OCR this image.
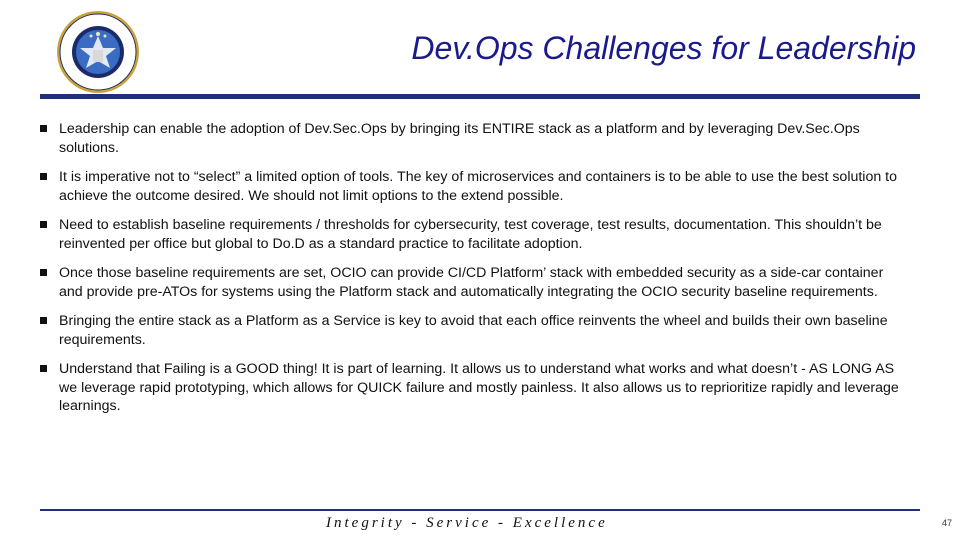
Dev.Ops Challenges for Leadership
Leadership can enable the adoption of Dev.Sec.Ops by bringing its ENTIRE stack as a platform and by leveraging Dev.Sec.Ops solutions.
It is imperative not to “select” a limited option of tools. The key of microservices and containers is to be able to use the best solution to achieve the outcome desired. We should not limit options to the extend possible.
Need to establish baseline requirements / thresholds for cybersecurity, test coverage, test results, documentation. This shouldn’t be reinvented per office but global to Do.D as a standard practice to facilitate adoption.
Once those baseline requirements are set, OCIO can provide CI/CD Platform’ stack with embedded security as a side-car container and provide pre-ATOs for systems using the Platform stack and automatically integrating the OCIO security baseline requirements.
Bringing the entire stack as a Platform as a Service is key to avoid that each office reinvents the wheel and builds their own baseline requirements.
Understand that Failing is a GOOD thing! It is part of learning. It allows us to understand what works and what doesn’t - AS LONG AS we leverage rapid prototyping, which allows for QUICK failure and mostly painless. It also allows us to reprioritize rapidly and leverage learnings.
Integrity - Service - Excellence	47
